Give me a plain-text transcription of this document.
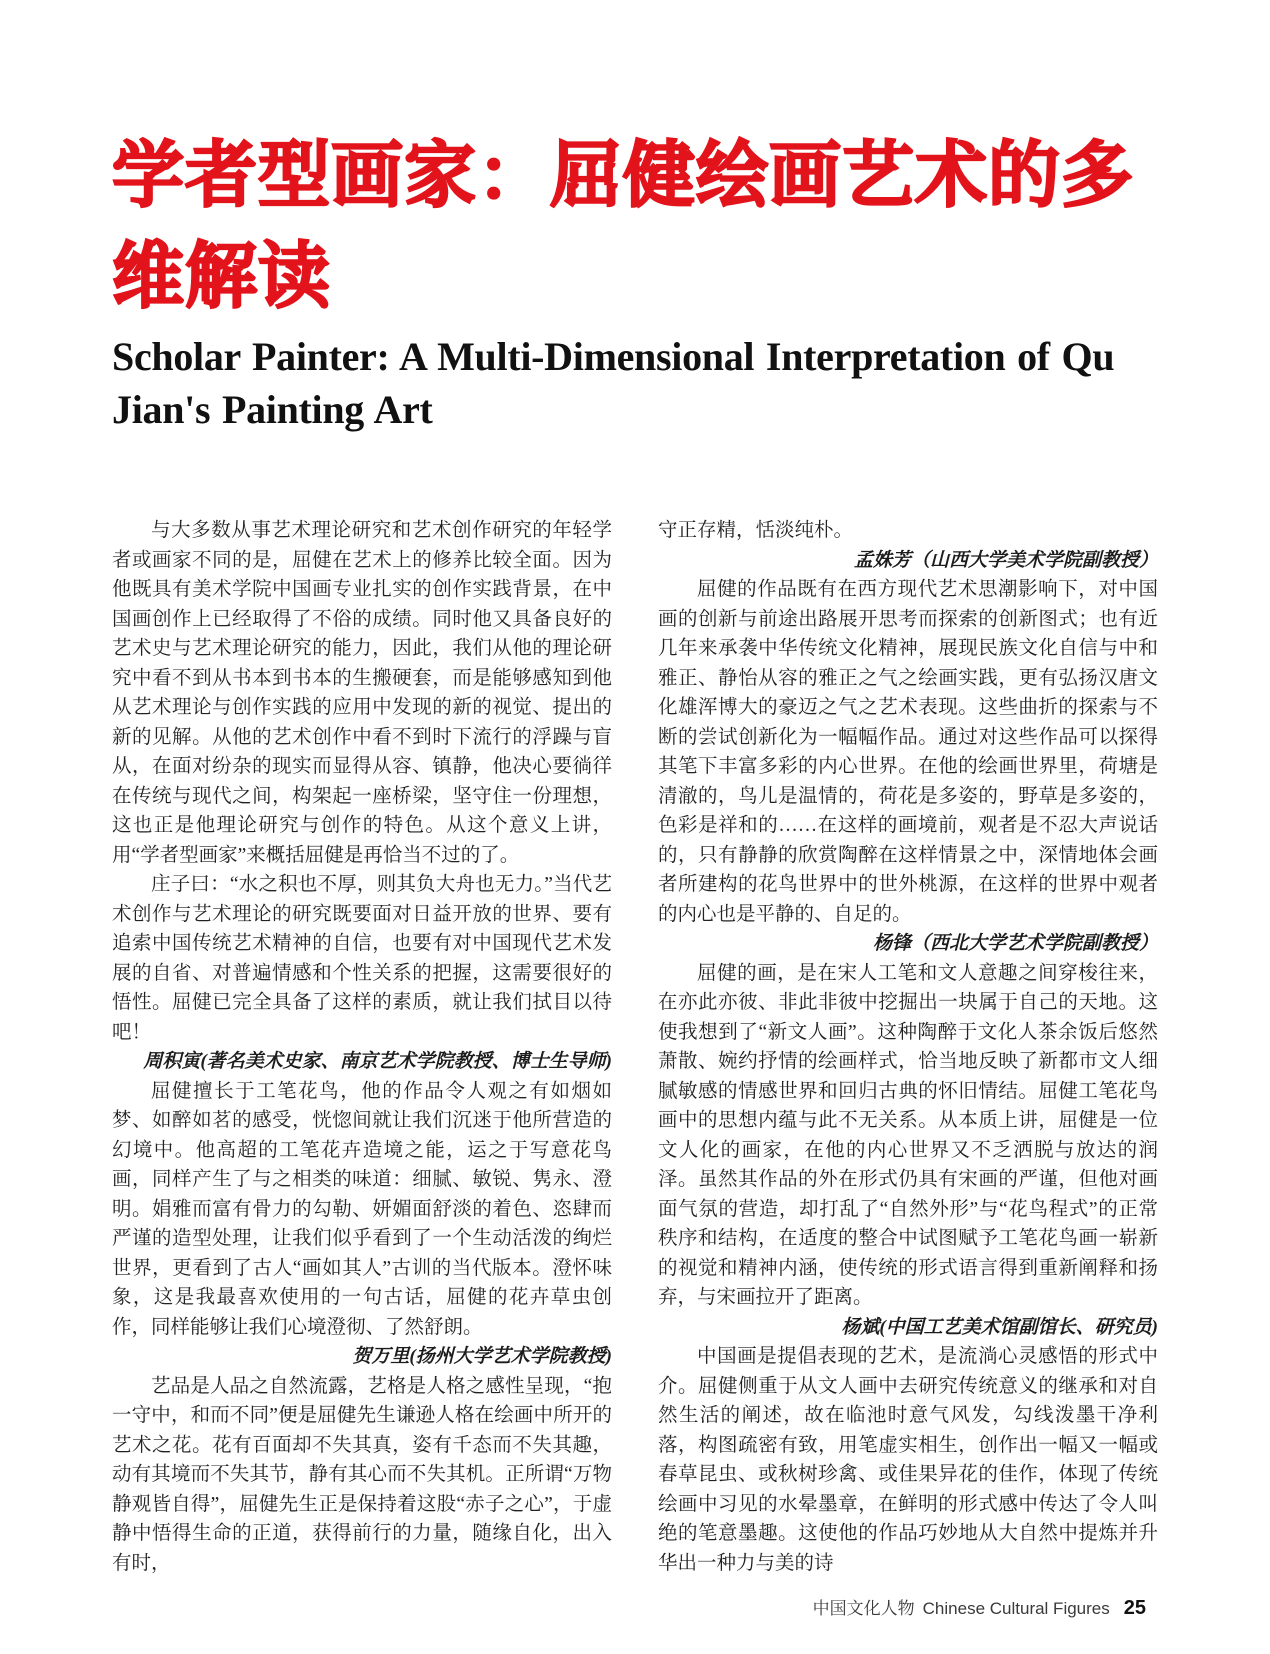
学者型画家：屈健绘画艺术的多维解读
Scholar Painter: A Multi-Dimensional Interpretation of Qu Jian's Painting Art

与大多数从事艺术理论研究和艺术创作研究的年轻学者或画家不同的是，屈健在艺术上的修养比较全面。因为他既具有美术学院中国画专业扎实的创作实践背景，在中国画创作上已经取得了不俗的成绩。同时他又具备良好的艺术史与艺术理论研究的能力，因此，我们从他的理论研究中看不到从书本到书本的生搬硬套，而是能够感知到他从艺术理论与创作实践的应用中发现的新的视觉、提出的新的见解。从他的艺术创作中看不到时下流行的浮躁与盲从，在面对纷杂的现实而显得从容、镇静，他决心要徜徉在传统与现代之间，构架起一座桥梁，坚守住一份理想，这也正是他理论研究与创作的特色。从这个意义上讲，用“学者型画家”来概括屈健是再恰当不过的了。

庄子曰：“水之积也不厚，则其负大舟也无力。”当代艺术创作与艺术理论的研究既要面对日益开放的世界、要有追索中国传统艺术精神的自信，也要有对中国现代艺术发展的自省、对普遍情感和个性关系的把握，这需要很好的悟性。屈健已完全具备了这样的素质，就让我们拭目以待吧！

周积寅(著名美术史家、南京艺术学院教授、博士生导师)

屈健擅长于工笔花鸟，他的作品令人观之有如烟如梦、如醉如茗的感受，恍惚间就让我们沉迷于他所营造的幻境中。他高超的工笔花卉造境之能，运之于写意花鸟画，同样产生了与之相类的味道：细腻、敏锐、隽永、澄明。娟雅而富有骨力的勾勒、妍媚面舒淡的着色、恣肆而严谨的造型处理，让我们似乎看到了一个生动活泼的绚烂世界，更看到了古人“画如其人”古训的当代版本。澄怀味象，这是我最喜欢使用的一句古话，屈健的花卉草虫创作，同样能够让我们心境澄彻、了然舒朗。

贺万里(扬州大学艺术学院教授)

艺品是人品之自然流露，艺格是人格之感性呈现，“抱一守中，和而不同”便是屈健先生谦逊人格在绘画中所开的艺术之花。花有百面却不失其真，姿有千态而不失其趣，动有其境而不失其节，静有其心而不失其机。正所谓“万物静观皆自得”，屈健先生正是保持着这股“赤子之心”，于虚静中悟得生命的正道，获得前行的力量，随缘自化，出入有时，

守正存精，恬淡纯朴。

孟姝芳（山西大学美术学院副教授）

屈健的作品既有在西方现代艺术思潮影响下，对中国画的创新与前途出路展开思考而探索的创新图式；也有近几年来承袭中华传统文化精神，展现民族文化自信与中和雅正、静怡从容的雅正之气之绘画实践，更有弘扬汉唐文化雄浑博大的豪迈之气之艺术表现。这些曲折的探索与不断的尝试创新化为一幅幅作品。通过对这些作品可以探得其笔下丰富多彩的内心世界。在他的绘画世界里，荷塘是清澈的，鸟儿是温情的，荷花是多姿的，野草是多姿的，色彩是祥和的……在这样的画境前，观者是不忍大声说话的，只有静静的欣赏陶醉在这样情景之中，深情地体会画者所建构的花鸟世界中的世外桃源，在这样的世界中观者的内心也是平静的、自足的。

杨锋（西北大学艺术学院副教授）

屈健的画，是在宋人工笔和文人意趣之间穿梭往来，在亦此亦彼、非此非彼中挖掘出一块属于自己的天地。这使我想到了“新文人画”。这种陶醉于文化人茶余饭后悠然萧散、婉约抒情的绘画样式，恰当地反映了新都市文人细腻敏感的情感世界和回归古典的怀旧情结。屈健工笔花鸟画中的思想内蕴与此不无关系。从本质上讲，屈健是一位文人化的画家，在他的内心世界又不乏洒脱与放达的润泽。虽然其作品的外在形式仍具有宋画的严谨，但他对画面气氛的营造，却打乱了“自然外形”与“花鸟程式”的正常秩序和结构，在适度的整合中试图赋予工笔花鸟画一崭新的视觉和精神内涵，使传统的形式语言得到重新阐释和扬弃，与宋画拉开了距离。

杨斌(中国工艺美术馆副馆长、研究员)

中国画是提倡表现的艺术，是流淌心灵感悟的形式中介。屈健侧重于从文人画中去研究传统意义的继承和对自然生活的阐述，故在临池时意气风发，勾线泼墨干净利落，构图疏密有致，用笔虚实相生，创作出一幅又一幅或春草昆虫、或秋树珍禽、或佳果异花的佳作，体现了传统绘画中习见的水晕墨章，在鲜明的形式感中传达了令人叫绝的笔意墨趣。这使他的作品巧妙地从大自然中提炼并升华出一种力与美的诗

中国文化人物 Chinese Cultural Figures 25
